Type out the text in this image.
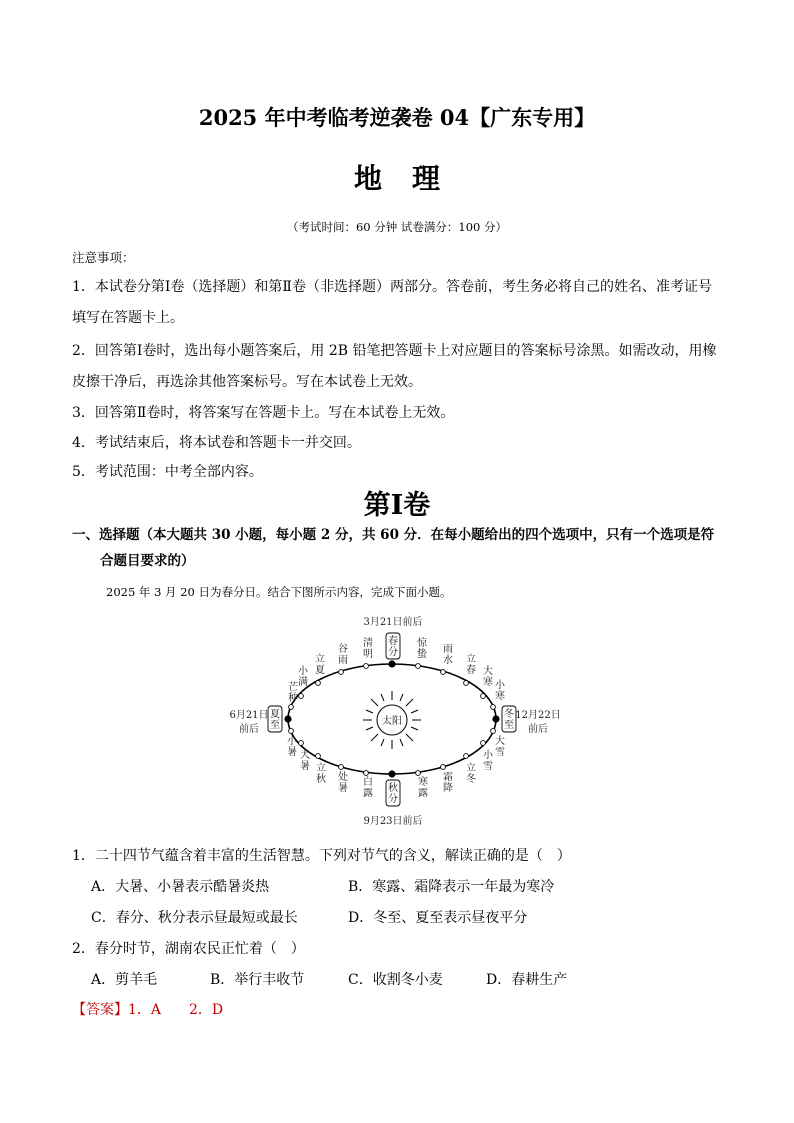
2025 年中考临考逆袭卷 04【广东专用】
地理
（考试时间：60 分钟 试卷满分：100 分）
注意事项：
1．本试卷分第Ⅰ卷（选择题）和第Ⅱ卷（非选择题）两部分。答卷前，考生务必将自己的姓名、准考证号
填写在答题卡上。
2．回答第Ⅰ卷时，选出每小题答案后，用 2B 铅笔把答题卡上对应题目的答案标号涂黑。如需改动，用橡
皮擦干净后，再选涂其他答案标号。写在本试卷上无效。
3．回答第Ⅱ卷时，将答案写在答题卡上。写在本试卷上无效。
4．考试结束后，将本试卷和答题卡一并交回。
5．考试范围：中考全部内容。
第Ⅰ卷
一、选择题（本大题共 30 小题，每小题 2 分，共 60 分．在每小题给出的四个选项中，只有一个选项是符
合题目要求的）
2025 年 3 月 20 日为春分日。结合下图所示内容，完成下面小题。
太阳
春分
秋分
夏至
冬至
3月21日前后
9月23日前后
6月21日
前后
12月22日
前后
清明
谷雨
立夏
小满
芒种
惊蛰 雨水 立春
大寒
小寒
小暑
大暑
立秋 处暑 白露	寒露 霜降 立冬
小雪
大雪
1．二十四节气蕴含着丰富的生活智慧。下列对节气的含义，解读正确的是（　）
A．大暑、小暑表示酷暑炎热	B．寒露、霜降表示一年最为寒冷
C．春分、秋分表示昼最短或最长	D．冬至、夏至表示昼夜平分
2．春分时节，湖南农民正忙着（　）
A．剪羊毛	B．举行丰收节	C．收割冬小麦	D．春耕生产
【答案】1．A　　2．D
